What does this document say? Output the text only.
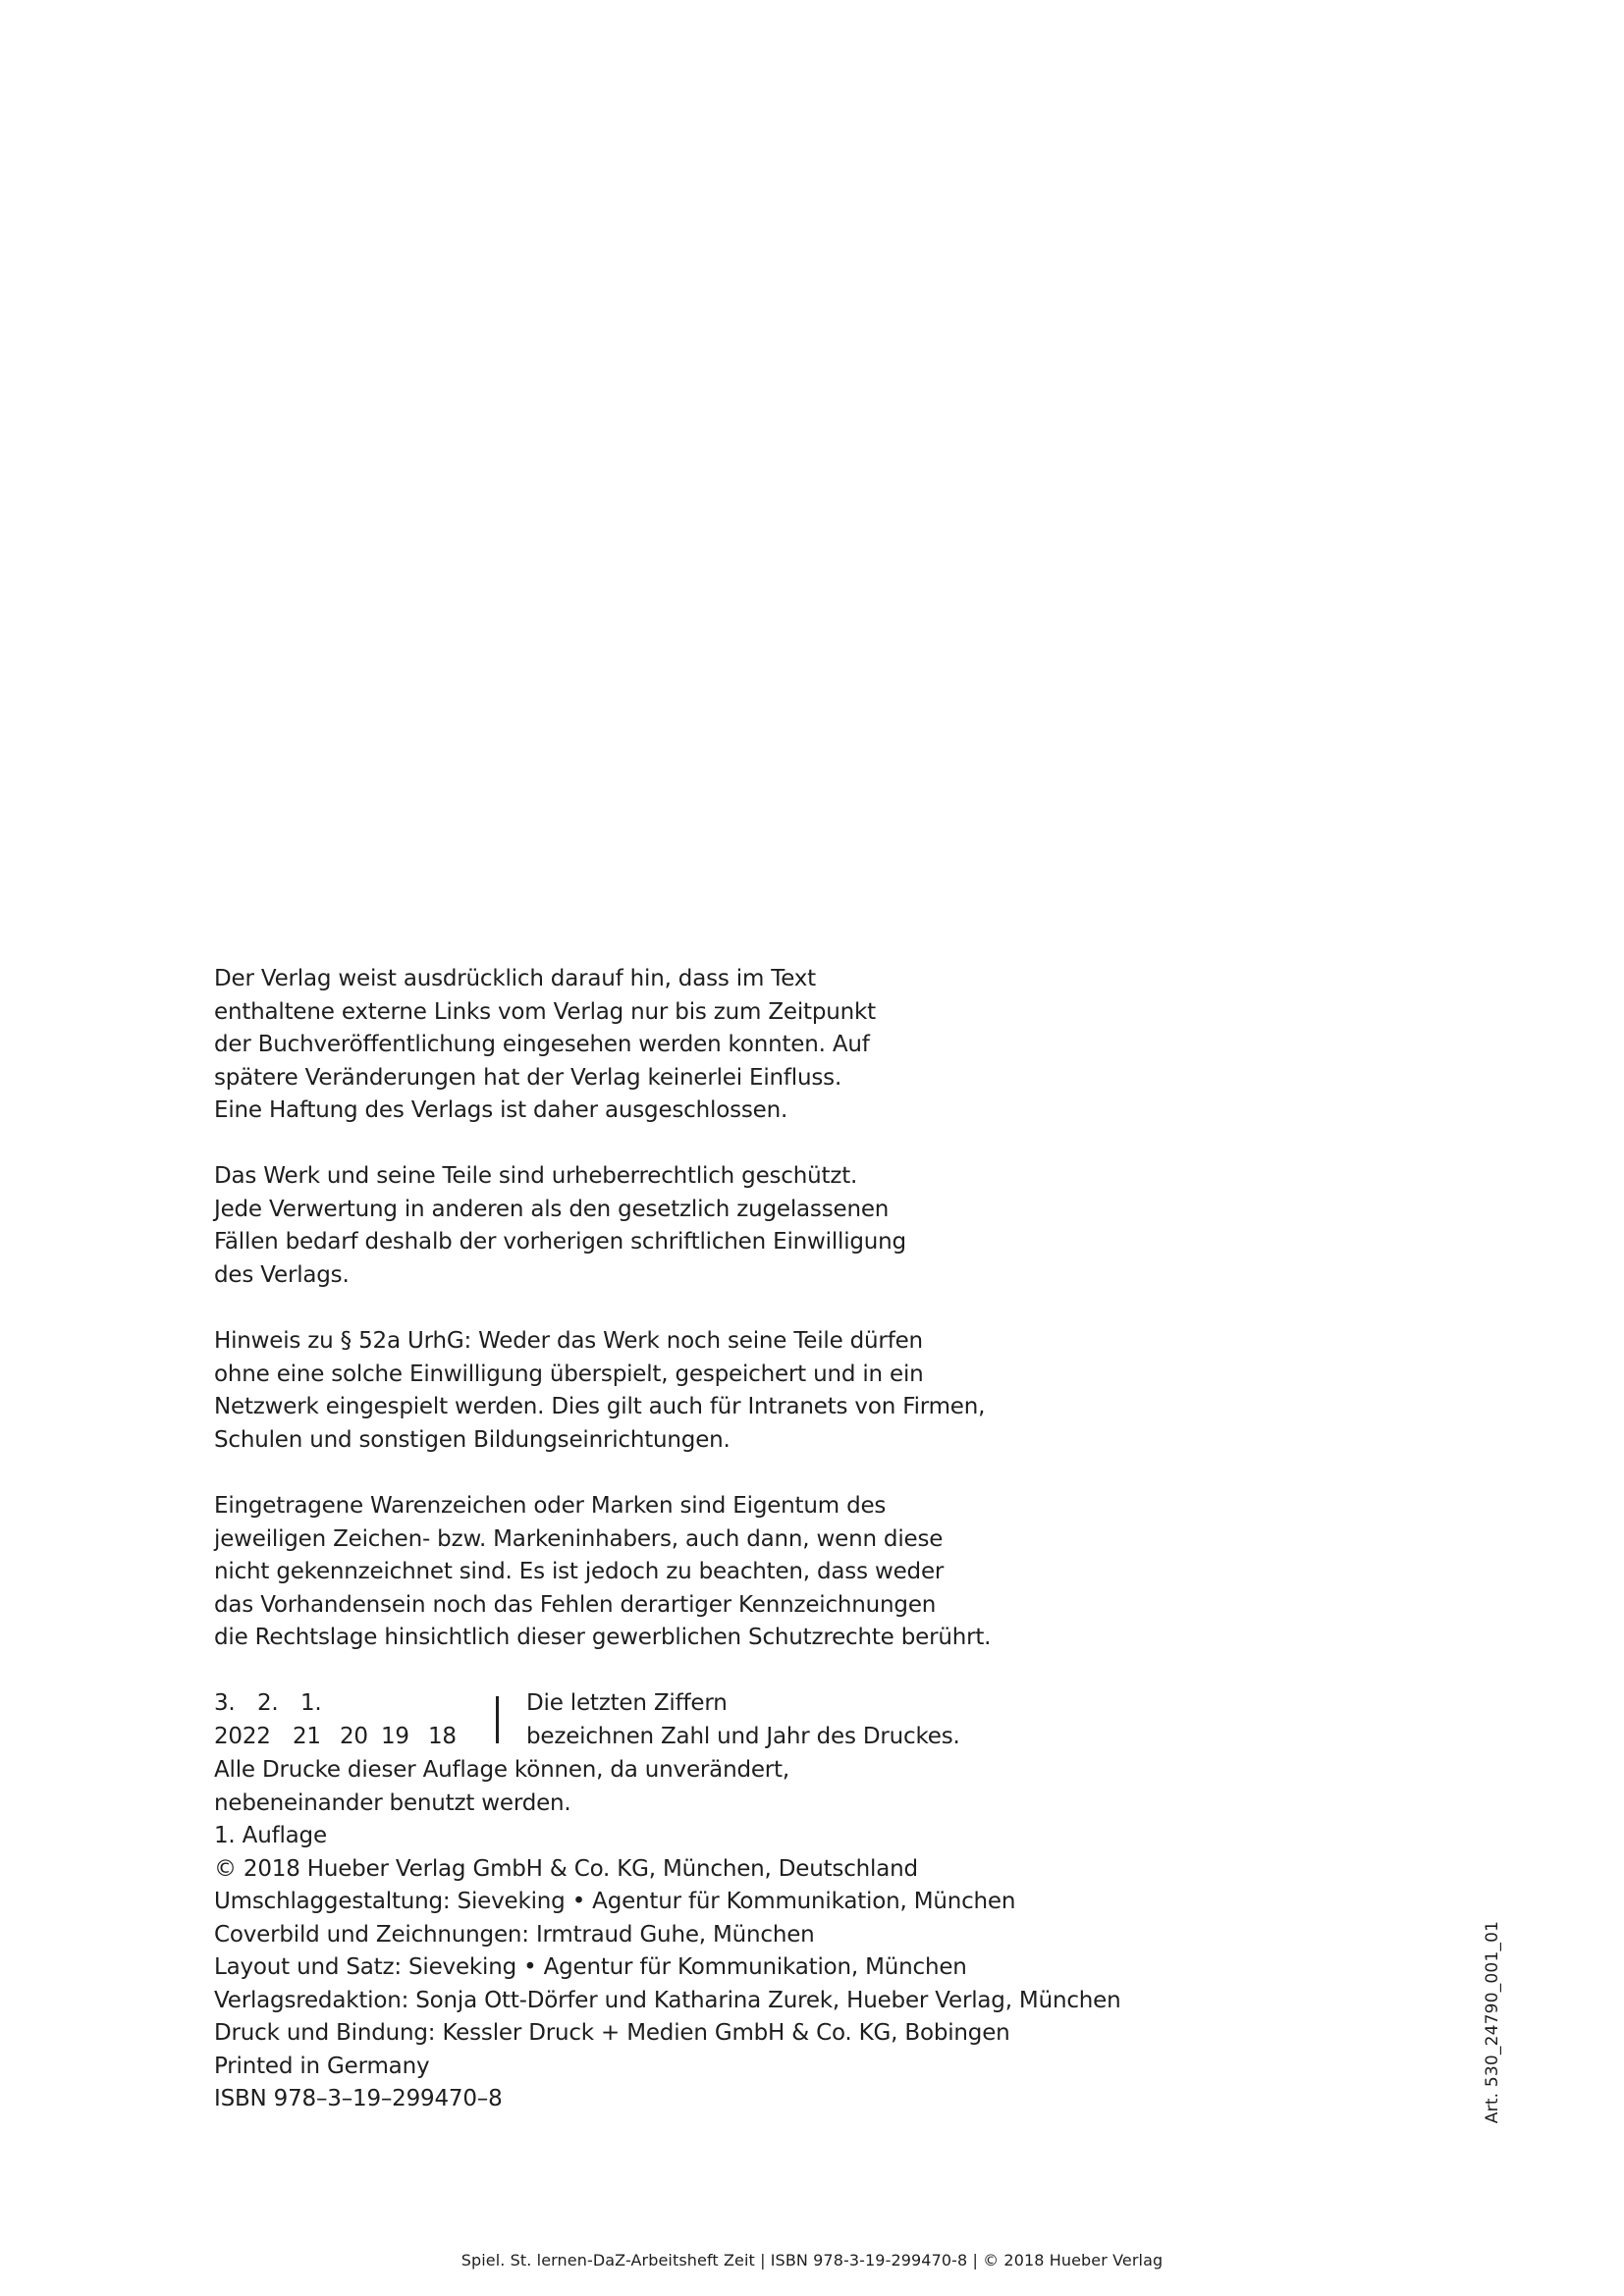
Der Verlag weist ausdrücklich darauf hin, dass im Text
enthaltene externe Links vom Verlag nur bis zum Zeitpunkt
der Buchveröffentlichung eingesehen werden konnten. Auf
spätere Veränderungen hat der Verlag keinerlei Einfluss.
Eine Haftung des Verlags ist daher ausgeschlossen.
Das Werk und seine Teile sind urheberrechtlich geschützt.
Jede Verwertung in anderen als den gesetzlich zugelassenen
Fällen bedarf deshalb der vorherigen schriftlichen Einwilligung
des Verlags.
Hinweis zu § 52a UrhG: Weder das Werk noch seine Teile dürfen
ohne eine solche Einwilligung überspielt, gespeichert und in ein
Netzwerk eingespielt werden. Dies gilt auch für Intranets von Firmen,
Schulen und sonstigen Bildungseinrichtungen.
Eingetragene Warenzeichen oder Marken sind Eigentum des
jeweiligen Zeichen- bzw. Markeninhabers, auch dann, wenn diese
nicht gekennzeichnet sind. Es ist jedoch zu beachten, dass weder
das Vorhandensein noch das Fehlen derartiger Kennzeichnungen
die Rechtslage hinsichtlich dieser gewerblichen Schutzrechte berührt.
3. 2. 1.
2022 21 20 19 18
Die letzten Ziffern
bezeichnen Zahl und Jahr des Druckes.
Alle Drucke dieser Auflage können, da unverändert,
nebeneinander benutzt werden.
1. Auflage
© 2018 Hueber Verlag GmbH & Co. KG, München, Deutschland
Umschlaggestaltung: Sieveking • Agentur für Kommunikation, München
Coverbild und Zeichnungen: Irmtraud Guhe, München
Layout und Satz: Sieveking • Agentur für Kommunikation, München
Verlagsredaktion: Sonja Ott-Dörfer und Katharina Zurek, Hueber Verlag, München
Druck und Bindung: Kessler Druck + Medien GmbH & Co. KG, Bobingen
Printed in Germany
ISBN 978–3–19–299470–8	Art. 530_24790_001_01
Spiel. St. lernen-DaZ-Arbeitsheft Zeit | ISBN 978-3-19-299470-8 | © 2018 Hueber Verlag
